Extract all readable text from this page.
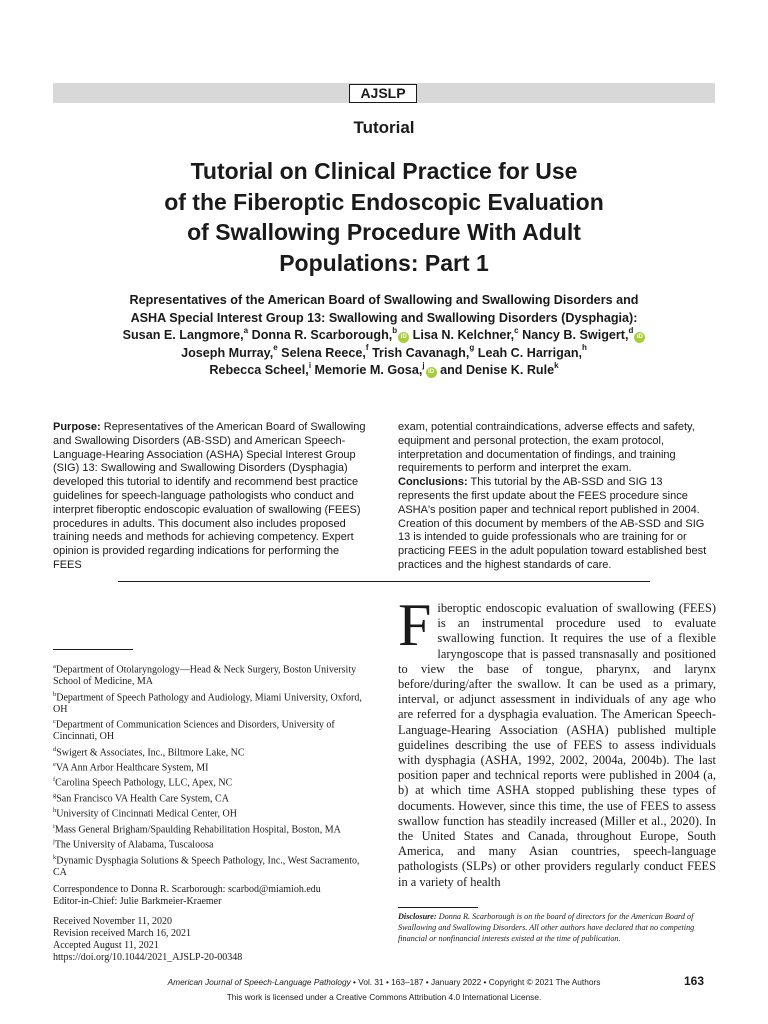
AJSLP
Tutorial
Tutorial on Clinical Practice for Use
of the Fiberoptic Endoscopic Evaluation
of Swallowing Procedure With Adult
Populations: Part 1
Representatives of the American Board of Swallowing and Swallowing Disorders and
ASHA Special Interest Group 13: Swallowing and Swallowing Disorders (Dysphagia):
Susan E. Langmore,$^a$ Donna R. Scarborough,$^b$iD Lisa N. Kelchner,$^c$ Nancy B. Swigert,$^d$iD
Joseph Murray,$^e$ Selena Reece,$^f$ Trish Cavanagh,$^g$ Leah C. Harrigan,$^h$
Rebecca Scheel,$^i$ Memorie M. Gosa,$^j$iD and Denise K. Rule$^k$
Purpose: Representatives of the American Board of Swallowing and Swallowing Disorders (AB-SSD) and American Speech-Language-Hearing Association (ASHA) Special Interest Group (SIG) 13: Swallowing and Swallowing Disorders (Dysphagia) developed this tutorial to identify and recommend best practice guidelines for speech-language pathologists who conduct and interpret fiberoptic endoscopic evaluation of swallowing (FEES) procedures in adults. This document also includes proposed training needs and methods for achieving competency. Expert opinion is provided regarding indications for performing the FEES
exam, potential contraindications, adverse effects and safety, equipment and personal protection, the exam protocol, interpretation and documentation of findings, and training requirements to perform and interpret the exam.
Conclusions: This tutorial by the AB-SSD and SIG 13 represents the first update about the FEES procedure since ASHA's position paper and technical report published in 2004. Creation of this document by members of the AB-SSD and SIG 13 is intended to guide professionals who are training for or practicing FEES in the adult population toward established best practices and the highest standards of care.
$^a$Department of Otolaryngology—Head & Neck Surgery, Boston University School of Medicine, MA
$^b$Department of Speech Pathology and Audiology, Miami University, Oxford, OH
$^c$Department of Communication Sciences and Disorders, University of Cincinnati, OH
$^d$Swigert & Associates, Inc., Biltmore Lake, NC
$^e$VA Ann Arbor Healthcare System, MI
$^f$Carolina Speech Pathology, LLC, Apex, NC
$^g$San Francisco VA Health Care System, CA
$^h$University of Cincinnati Medical Center, OH
$^i$Mass General Brigham/Spaulding Rehabilitation Hospital, Boston, MA
$^j$The University of Alabama, Tuscaloosa
$^k$Dynamic Dysphagia Solutions & Speech Pathology, Inc., West Sacramento, CA
Correspondence to Donna R. Scarborough: scarbod@miamioh.edu
Editor-in-Chief: Julie Barkmeier-Kraemer
Received November 11, 2020
Revision received March 16, 2021
Accepted August 11, 2021
https://doi.org/10.1044/2021_AJSLP-20-00348
F iberoptic endoscopic evaluation of swallowing (FEES) is an instrumental procedure used to evaluate swallowing function. It requires the use of a flexible laryngoscope that is passed transnasally and positioned to view the base of tongue, pharynx, and larynx before/during/after the swallow. It can be used as a primary, interval, or adjunct assessment in individuals of any age who are referred for a dysphagia evaluation. The American Speech-Language-Hearing Association (ASHA) published multiple guidelines describing the use of FEES to assess individuals with dysphagia (ASHA, 1992, 2002, 2004a, 2004b). The last position paper and technical reports were published in 2004 (a, b) at which time ASHA stopped publishing these types of documents. However, since this time, the use of FEES to assess swallow function has steadily increased (Miller et al., 2020). In the United States and Canada, throughout Europe, South America, and many Asian countries, speech-language pathologists (SLPs) or other providers regularly conduct FEES in a variety of health
Disclosure: Donna R. Scarborough is on the board of directors for the American Board of Swallowing and Swallowing Disorders. All other authors have declared that no competing financial or nonfinancial interests existed at the time of publication.
American Journal of Speech-Language Pathology • Vol. 31 • 163–187 • January 2022 • Copyright © 2021 The Authors
This work is licensed under a Creative Commons Attribution 4.0 International License.
163
